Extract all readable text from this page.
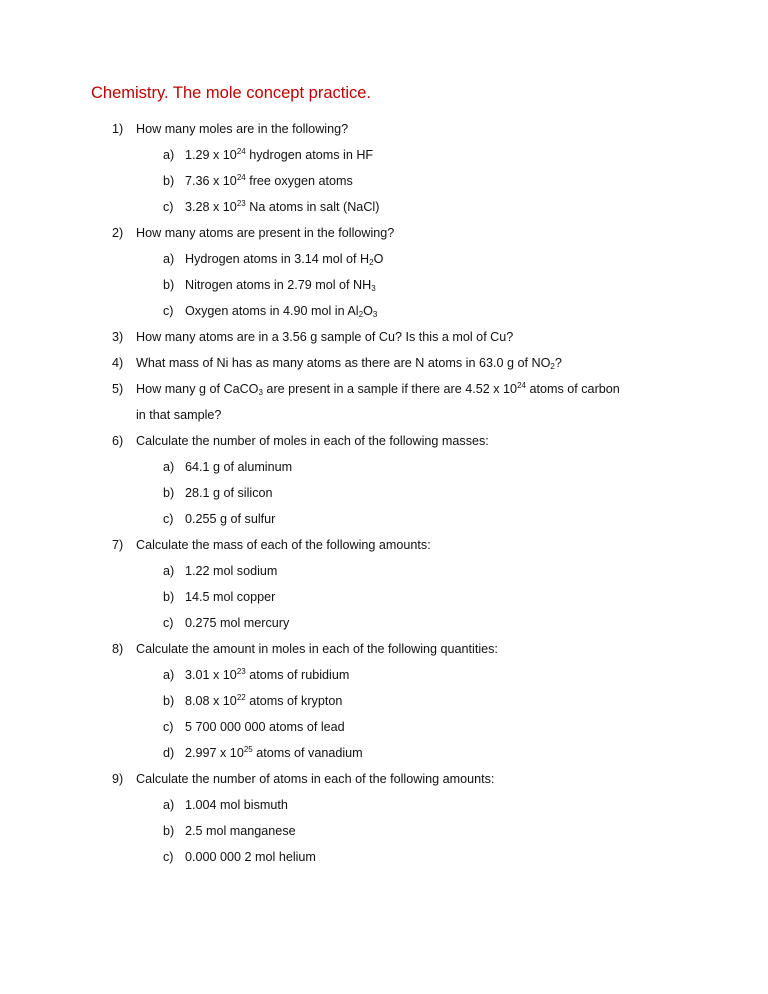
Chemistry. The mole concept practice.
1) How many moles are in the following?
a) 1.29 x $10^{24}$ hydrogen atoms in HF
b) 7.36 x $10^{24}$ free oxygen atoms
c) 3.28 x $10^{23}$ Na atoms in salt (NaCl)
2) How many atoms are present in the following?
a) Hydrogen atoms in 3.14 mol of $H_2O$
b) Nitrogen atoms in 2.79 mol of $NH_3$
c) Oxygen atoms in 4.90 mol in $Al_2O_3$
3) How many atoms are in a 3.56 g sample of Cu? Is this a mol of Cu?
4) What mass of Ni has as many atoms as there are N atoms in 63.0 g of $NO_2$?
5) How many g of CaCO$_3$ are present in a sample if there are 4.52 x $10^{24}$ atoms of carbon
in that sample?
6) Calculate the number of moles in each of the following masses:
a) 64.1 g of aluminum
b) 28.1 g of silicon
c) 0.255 g of sulfur
7) Calculate the mass of each of the following amounts:
a) 1.22 mol sodium
b) 14.5 mol copper
c) 0.275 mol mercury
8) Calculate the amount in moles in each of the following quantities:
a) 3.01 x $10^{23}$ atoms of rubidium
b) 8.08 x $10^{22}$ atoms of krypton
c) 5 700 000 000 atoms of lead
d) 2.997 x $10^{25}$ atoms of vanadium
9) Calculate the number of atoms in each of the following amounts:
a) 1.004 mol bismuth
b) 2.5 mol manganese
c) 0.000 000 2 mol helium
